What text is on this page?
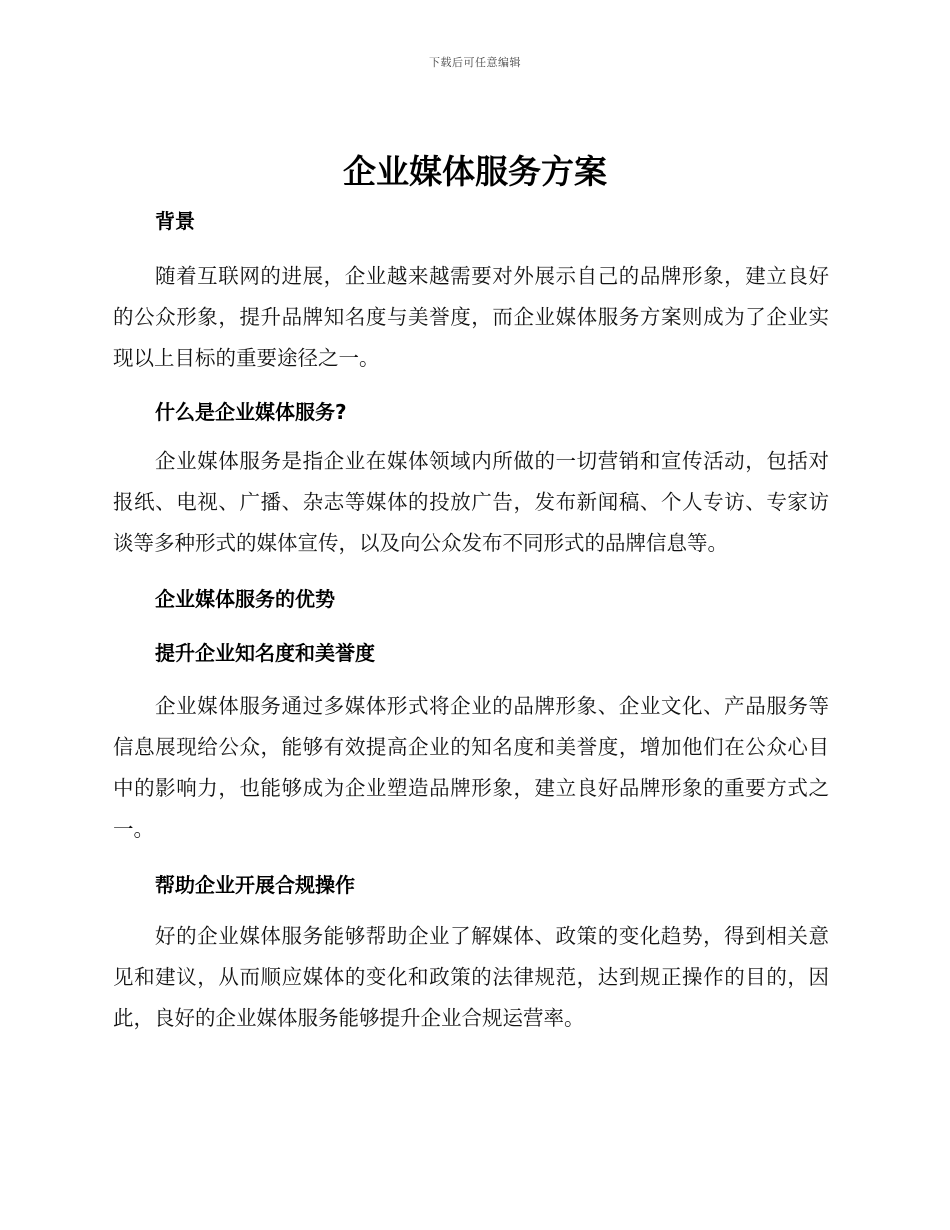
下载后可任意编辑
企业媒体服务方案

背景

随着互联网的进展，企业越来越需要对外展示自己的品牌形象，建立良好的公众形象，提升品牌知名度与美誉度，而企业媒体服务方案则成为了企业实现以上目标的重要途径之一。

什么是企业媒体服务?

企业媒体服务是指企业在媒体领域内所做的一切营销和宣传活动，包括对报纸、电视、广播、杂志等媒体的投放广告，发布新闻稿、个人专访、专家访谈等多种形式的媒体宣传，以及向公众发布不同形式的品牌信息等。

企业媒体服务的优势

提升企业知名度和美誉度

企业媒体服务通过多媒体形式将企业的品牌形象、企业文化、产品服务等信息展现给公众，能够有效提高企业的知名度和美誉度，增加他们在公众心目中的影响力，也能够成为企业塑造品牌形象，建立良好品牌形象的重要方式之一。

帮助企业开展合规操作

好的企业媒体服务能够帮助企业了解媒体、政策的变化趋势，得到相关意见和建议，从而顺应媒体的变化和政策的法律规范，达到规正操作的目的，因此，良好的企业媒体服务能够提升企业合规运营率。
